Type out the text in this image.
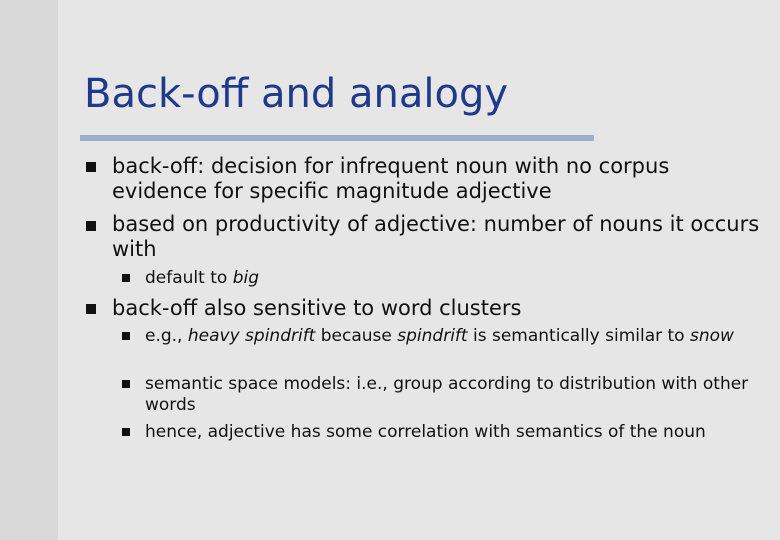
Back-off and analogy
back-off: decision for infrequent noun with no corpus evidence for specific magnitude adjective
based on productivity of adjective: number of nouns it occurs with
default to big
back-off also sensitive to word clusters
e.g., heavy spindrift because spindrift is semantically similar to snow
semantic space models: i.e., group according to distribution with other words
hence, adjective has some correlation with semantics of the noun
